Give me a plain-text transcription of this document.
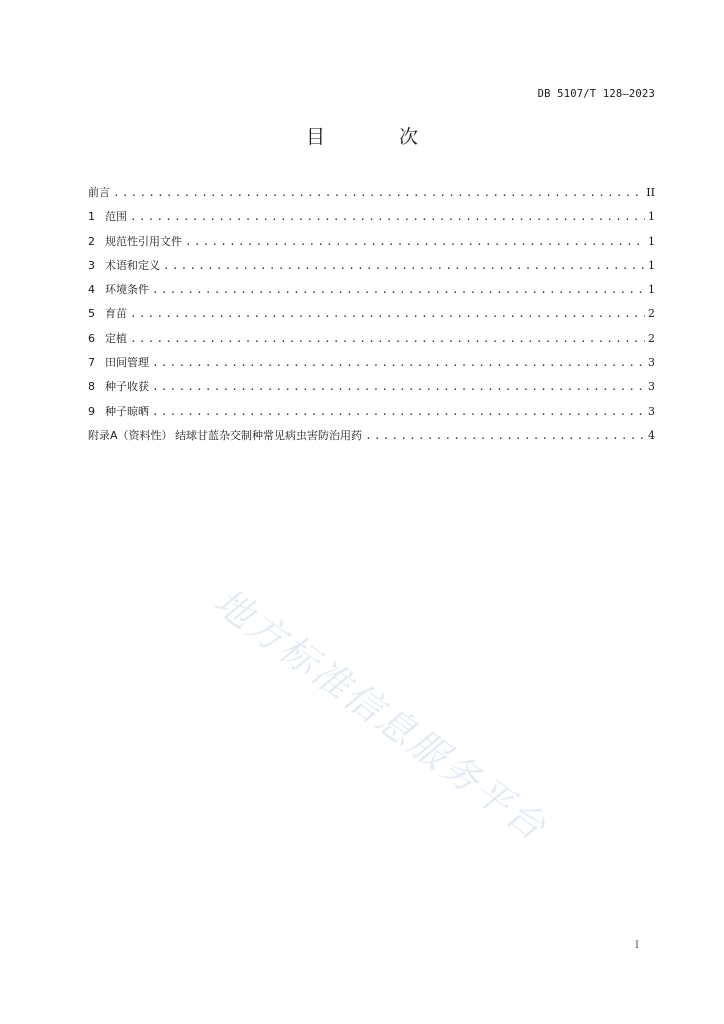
DB 5107/T 128—2023
目 次
前言 .....	II
1 范围 .....	1
2 规范性引用文件 .....	1
3 术语和定义 .....	1
4 环境条件 .....	1
5 育苗 .....	2
6 定植 .....	2
7 田间管理 .....	3
8 种子收获 .....	3
9 种子晾晒 .....	3
附录A（资料性） 结球甘蓝杂交制种常见病虫害防治用药 .....	4
地方标准信息服务平台
I
